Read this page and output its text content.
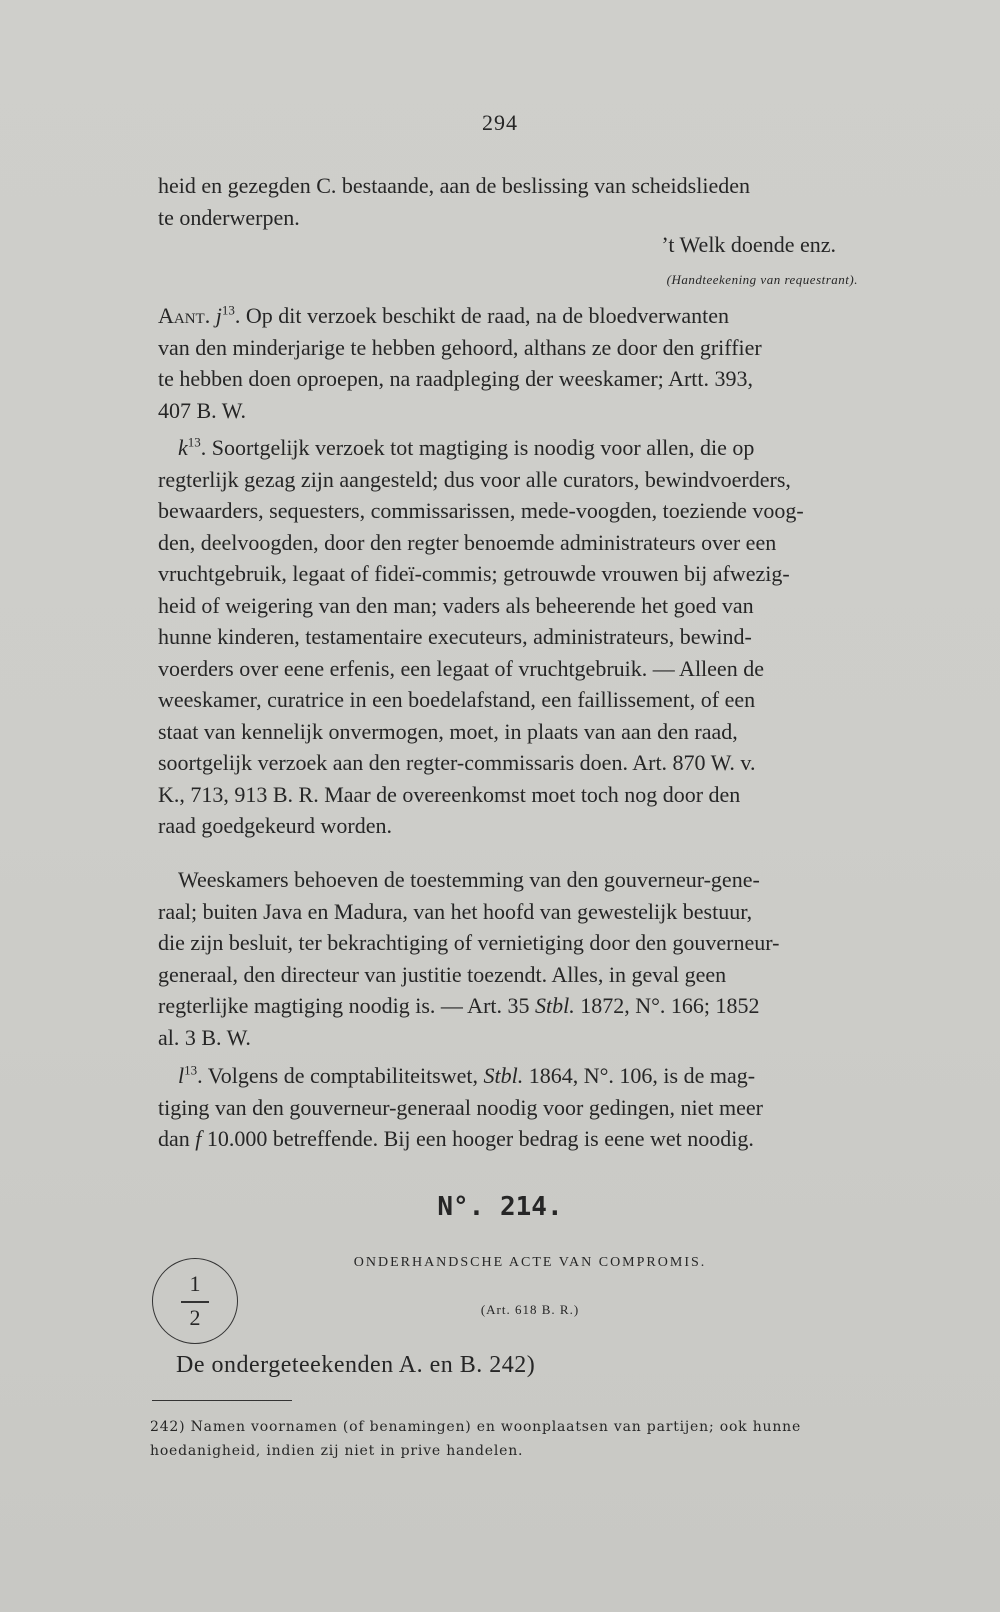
294
heid en gezegden C. bestaande, aan de beslissing van scheidslieden
te onderwerpen.
’t Welk doende enz.
(Handteekening van requestrant).
Aant. $j^{13}$. Op dit verzoek beschikt de raad, na de bloedverwanten
van den minderjarige te hebben gehoord, althans ze door den griffier
te hebben doen oproepen, na raadpleging der weeskamer; Artt. 393,
407 B. W.
$k^{13}$. Soortgelijk verzoek tot magtiging is noodig voor allen, die op
regterlijk gezag zijn aangesteld; dus voor alle curators, bewindvoerders,
bewaarders, sequesters, commissarissen, mede-voogden, toeziende voog-
den, deelvoogden, door den regter benoemde administrateurs over een
vruchtgebruik, legaat of fideï-commis; getrouwde vrouwen bij afwezig-
heid of weigering van den man; vaders als beheerende het goed van
hunne kinderen, testamentaire executeurs, administrateurs, bewind-
voerders over eene erfenis, een legaat of vruchtgebruik. — Alleen de
weeskamer, curatrice in een boedelafstand, een faillissement, of een
staat van kennelijk onvermogen, moet, in plaats van aan den raad,
soortgelijk verzoek aan den regter-commissaris doen. Art. 870 W. v.
K., 713, 913 B. R. Maar de overeenkomst moet toch nog door den
raad goedgekeurd worden.
Weeskamers behoeven de toestemming van den gouverneur-gene-
raal; buiten Java en Madura, van het hoofd van gewestelijk bestuur,
die zijn besluit, ter bekrachtiging of vernietiging door den gouverneur-
generaal, den directeur van justitie toezendt. Alles, in geval geen
regterlijke magtiging noodig is. — Art. 35 Stbl. 1872, N°. 166; 1852
al. 3 B. W.
$l^{13}$. Volgens de comptabiliteitswet, Stbl. 1864, N°. 106, is de mag-
tiging van den gouverneur-generaal noodig voor gedingen, niet meer
dan f 10.000 betreffende. Bij een hooger bedrag is eene wet noodig.
N°. 214.
ONDERHANDSCHE ACTE VAN COMPROMIS.
(Art. 618 B. R.)
1
2
De ondergeteekenden A. en B. 242)
242) Namen voornamen (of benamingen) en woonplaatsen van partijen; ook hunne
hoedanigheid, indien zij niet in prive handelen.
